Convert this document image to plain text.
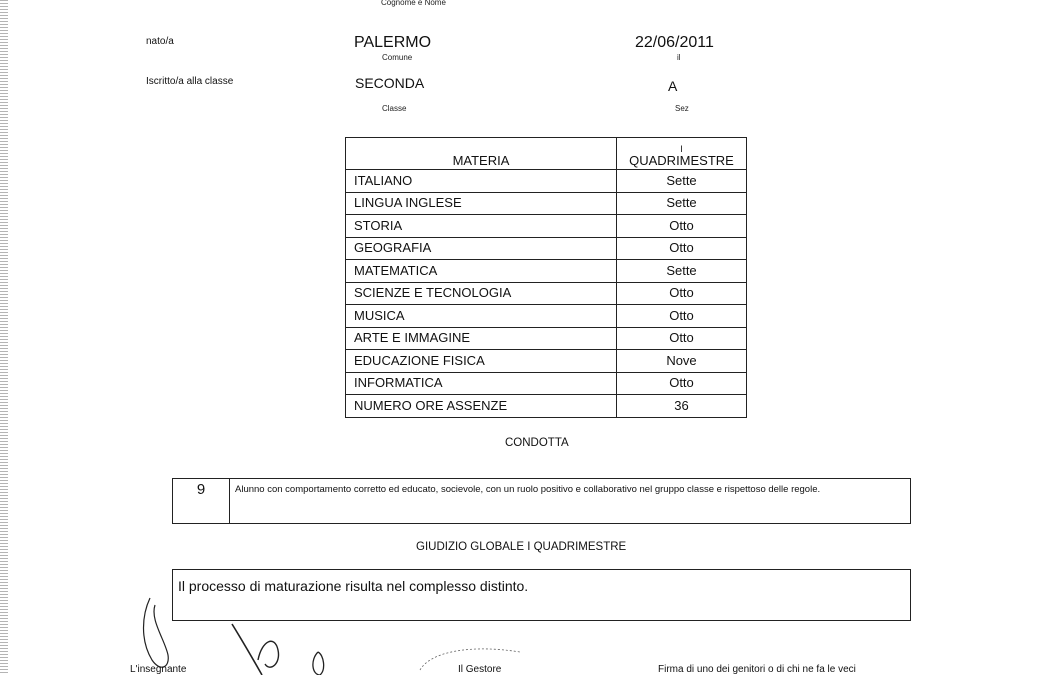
Cognome e Nome
nato/a	PALERMO
Comune
22/06/2011
il
Iscritto/a alla classe	SECONDA
Classe
A
Sez
MATERIA	I
QUADRIMESTRE
ITALIANO	Sette
LINGUA INGLESE	Sette
STORIA	Otto
GEOGRAFIA	Otto
MATEMATICA	Sette
SCIENZE E TECNOLOGIA	Otto
MUSICA	Otto
ARTE E IMMAGINE	Otto
EDUCAZIONE FISICA	Nove
INFORMATICA	Otto
NUMERO ORE ASSENZE	36
CONDOTTA
9	Alunno con comportamento corretto ed educato, socievole, con un ruolo positivo e collaborativo nel gruppo classe e rispettoso delle regole.
GIUDIZIO GLOBALE I QUADRIMESTRE
Il processo di maturazione risulta nel complesso distinto.
L'insegnante	Il Gestore	Firma di uno dei genitori o di chi ne fa le veci
